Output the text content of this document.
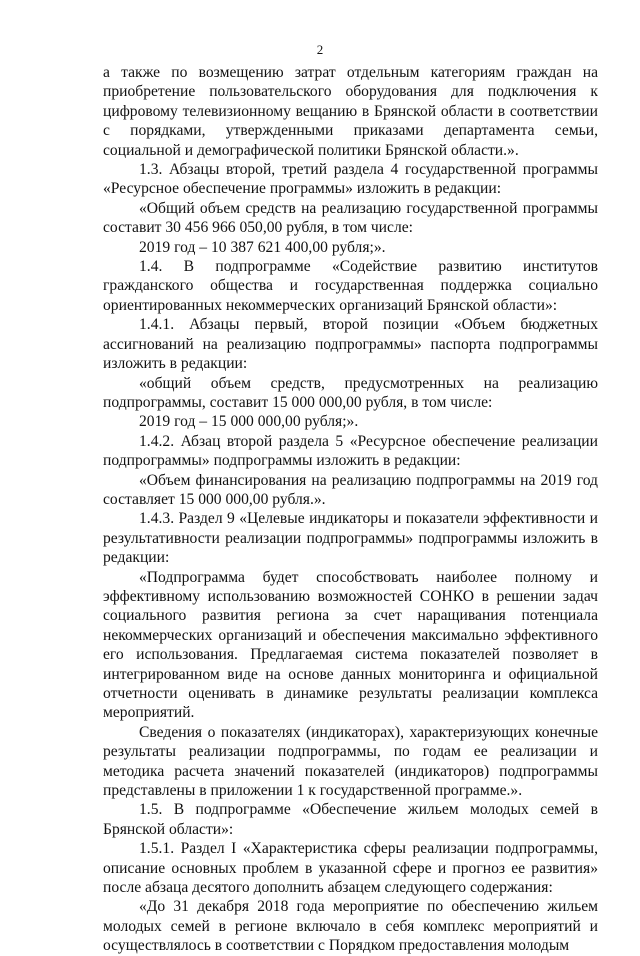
2

а также по возмещению затрат отдельным категориям граждан на приобретение пользовательского оборудования для подключения к цифровому телевизионному вещанию в Брянской области в соответствии с порядками, утвержденными приказами департамента семьи, социальной и демографической политики Брянской области.».

1.3. Абзацы второй, третий раздела 4 государственной программы «Ресурсное обеспечение программы» изложить в редакции:

«Общий объем средств на реализацию государственной программы составит 30 456 966 050,00 рубля, в том числе:

2019 год – 10 387 621 400,00 рубля;».

1.4. В подпрограмме «Содействие развитию институтов гражданского общества и государственная поддержка социально ориентированных некоммерческих организаций Брянской области»:

1.4.1. Абзацы первый, второй позиции «Объем бюджетных ассигнований на реализацию подпрограммы» паспорта подпрограммы изложить в редакции:

«общий объем средств, предусмотренных на реализацию подпрограммы, составит 15 000 000,00 рубля, в том числе:

2019 год – 15 000 000,00 рубля;».

1.4.2. Абзац второй раздела 5 «Ресурсное обеспечение реализации подпрограммы» подпрограммы изложить в редакции:

«Объем финансирования на реализацию подпрограммы на 2019 год составляет 15 000 000,00 рубля.».

1.4.3. Раздел 9 «Целевые индикаторы и показатели эффективности и результативности реализации подпрограммы» подпрограммы изложить в редакции:

«Подпрограмма будет способствовать наиболее полному и эффективному использованию возможностей СОНКО в решении задач социального развития региона за счет наращивания потенциала некоммерческих организаций и обеспечения максимально эффективного его использования. Предлагаемая система показателей позволяет в интегрированном виде на основе данных мониторинга и официальной отчетности оценивать в динамике результаты реализации комплекса мероприятий.

Сведения о показателях (индикаторах), характеризующих конечные результаты реализации подпрограммы, по годам ее реализации и методика расчета значений показателей (индикаторов) подпрограммы представлены в приложении 1 к государственной программе.».

1.5. В подпрограмме «Обеспечение жильем молодых семей в Брянской области»:

1.5.1. Раздел I «Характеристика сферы реализации подпрограммы, описание основных проблем в указанной сфере и прогноз ее развития» после абзаца десятого дополнить абзацем следующего содержания:

«До 31 декабря 2018 года мероприятие по обеспечению жильем молодых семей в регионе включало в себя комплекс мероприятий и осуществлялось в соответствии с Порядком предоставления молодым
